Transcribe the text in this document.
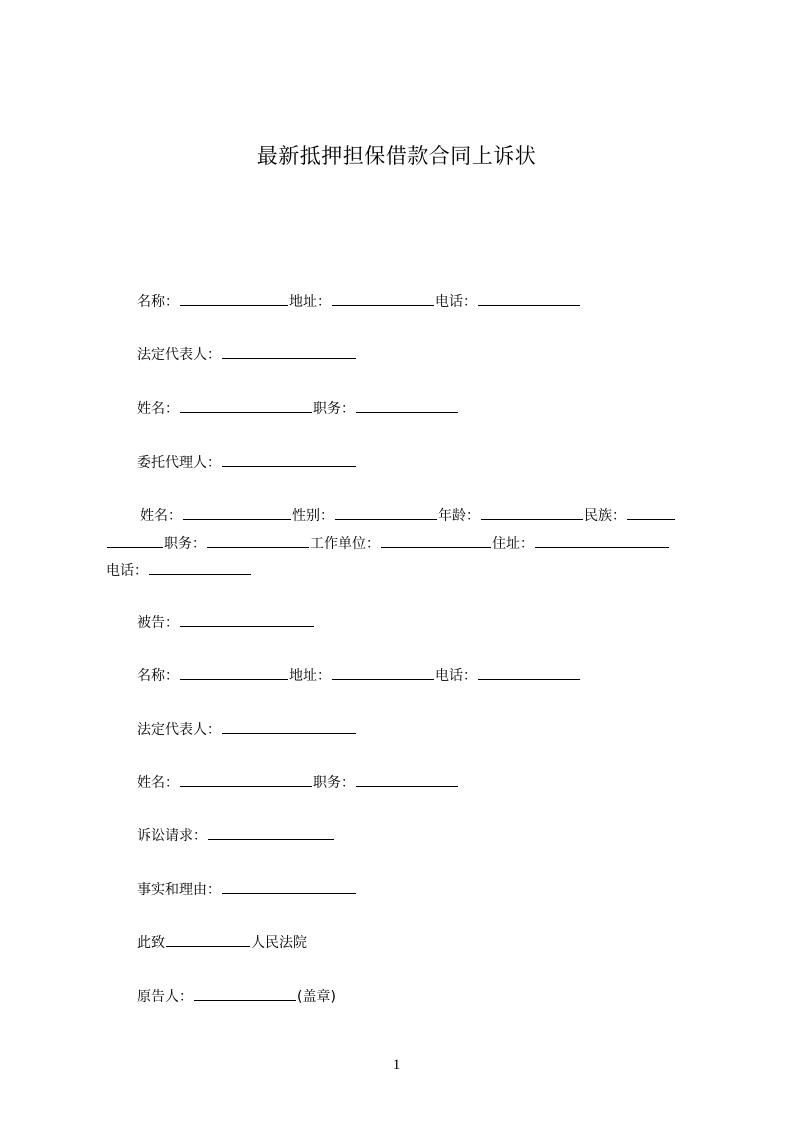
最新抵押担保借款合同上诉状
名称：	地址：	电话：
法定代表人：
姓名：	职务：
委托代理人：
姓名：	性别：	年龄：	民族：
职务：	工作单位：	住址：
电话：
被告：
名称：	地址：	电话：
法定代表人：
姓名：	职务：
诉讼请求：
事实和理由：
此致	人民法院
原告人：	(盖章)
1
